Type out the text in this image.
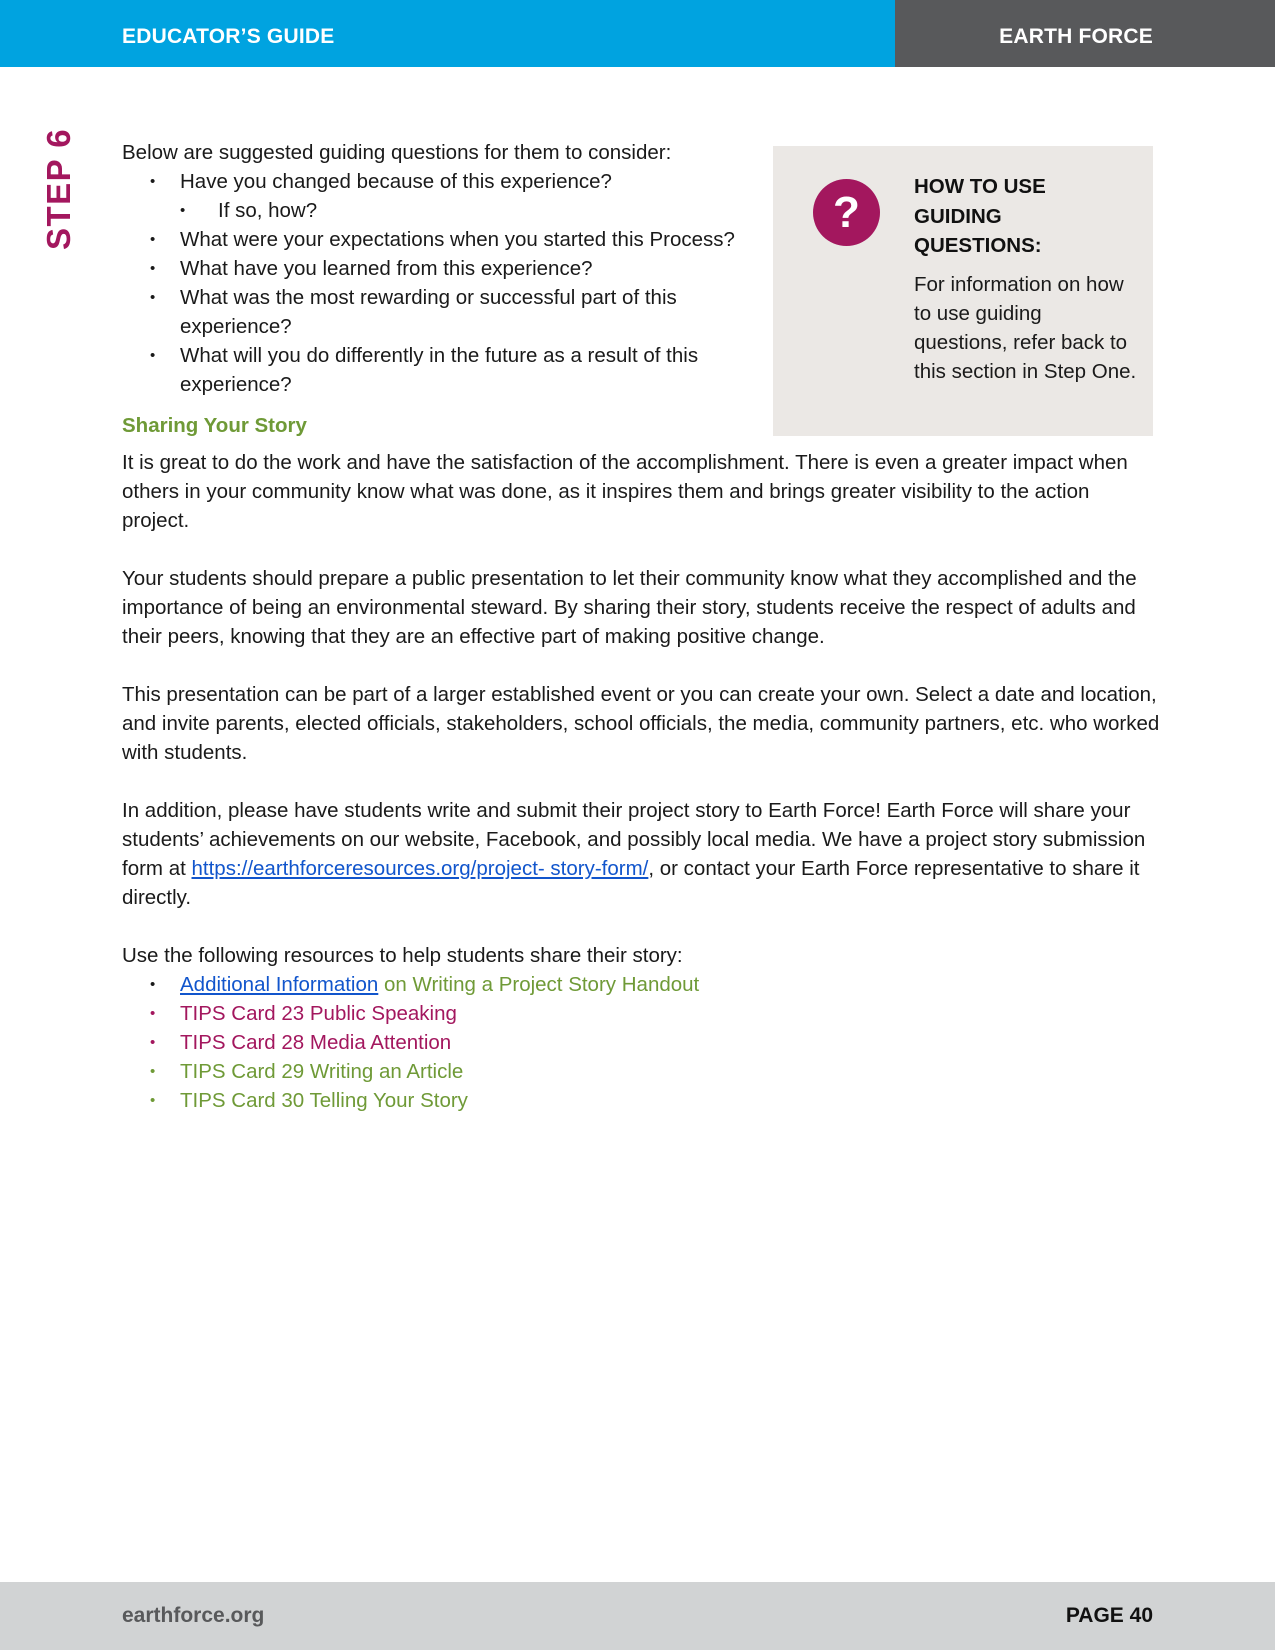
EDUCATOR’S GUIDE	EARTH FORCE
STEP 6	?
HOW TO USE GUIDING QUESTIONS:
For information on how to use guiding questions, refer back to this section in Step One.

Below are suggested guiding questions for them to consider:

• Have you changed because of this experience?
• If so, how?
• What were your expectations when you started this Process?
• What have you learned from this experience?
• What was the most rewarding or successful part of this experience?
• What will you do differently in the future as a result of this experience?
Sharing Your Story

It is great to do the work and have the satisfaction of the accomplishment. There is even a greater impact when others in your community know what was done, as it inspires them and brings greater visibility to the action project.

Your students should prepare a public presentation to let their community know what they accomplished and the importance of being an environmental steward. By sharing their story, students receive the respect of adults and their peers, knowing that they are an effective part of making positive change.

This presentation can be part of a larger established event or you can create your own. Select a date and location, and invite parents, elected officials, stakeholders, school officials, the media, community partners, etc. who worked with students.

In addition, please have students write and submit their project story to Earth Force! Earth Force will share your students’ achievements on our website, Facebook, and possibly local media. We have a project story submission form at https://earthforceresources.org/project- story-form/, or contact your Earth Force representative to share it directly.

Use the following resources to help students share their story:

• Additional Information on Writing a Project Story Handout
• TIPS Card 23 Public Speaking
• TIPS Card 28 Media Attention
• TIPS Card 29 Writing an Article
• TIPS Card 30 Telling Your Story
earthforce.org	PAGE 40
